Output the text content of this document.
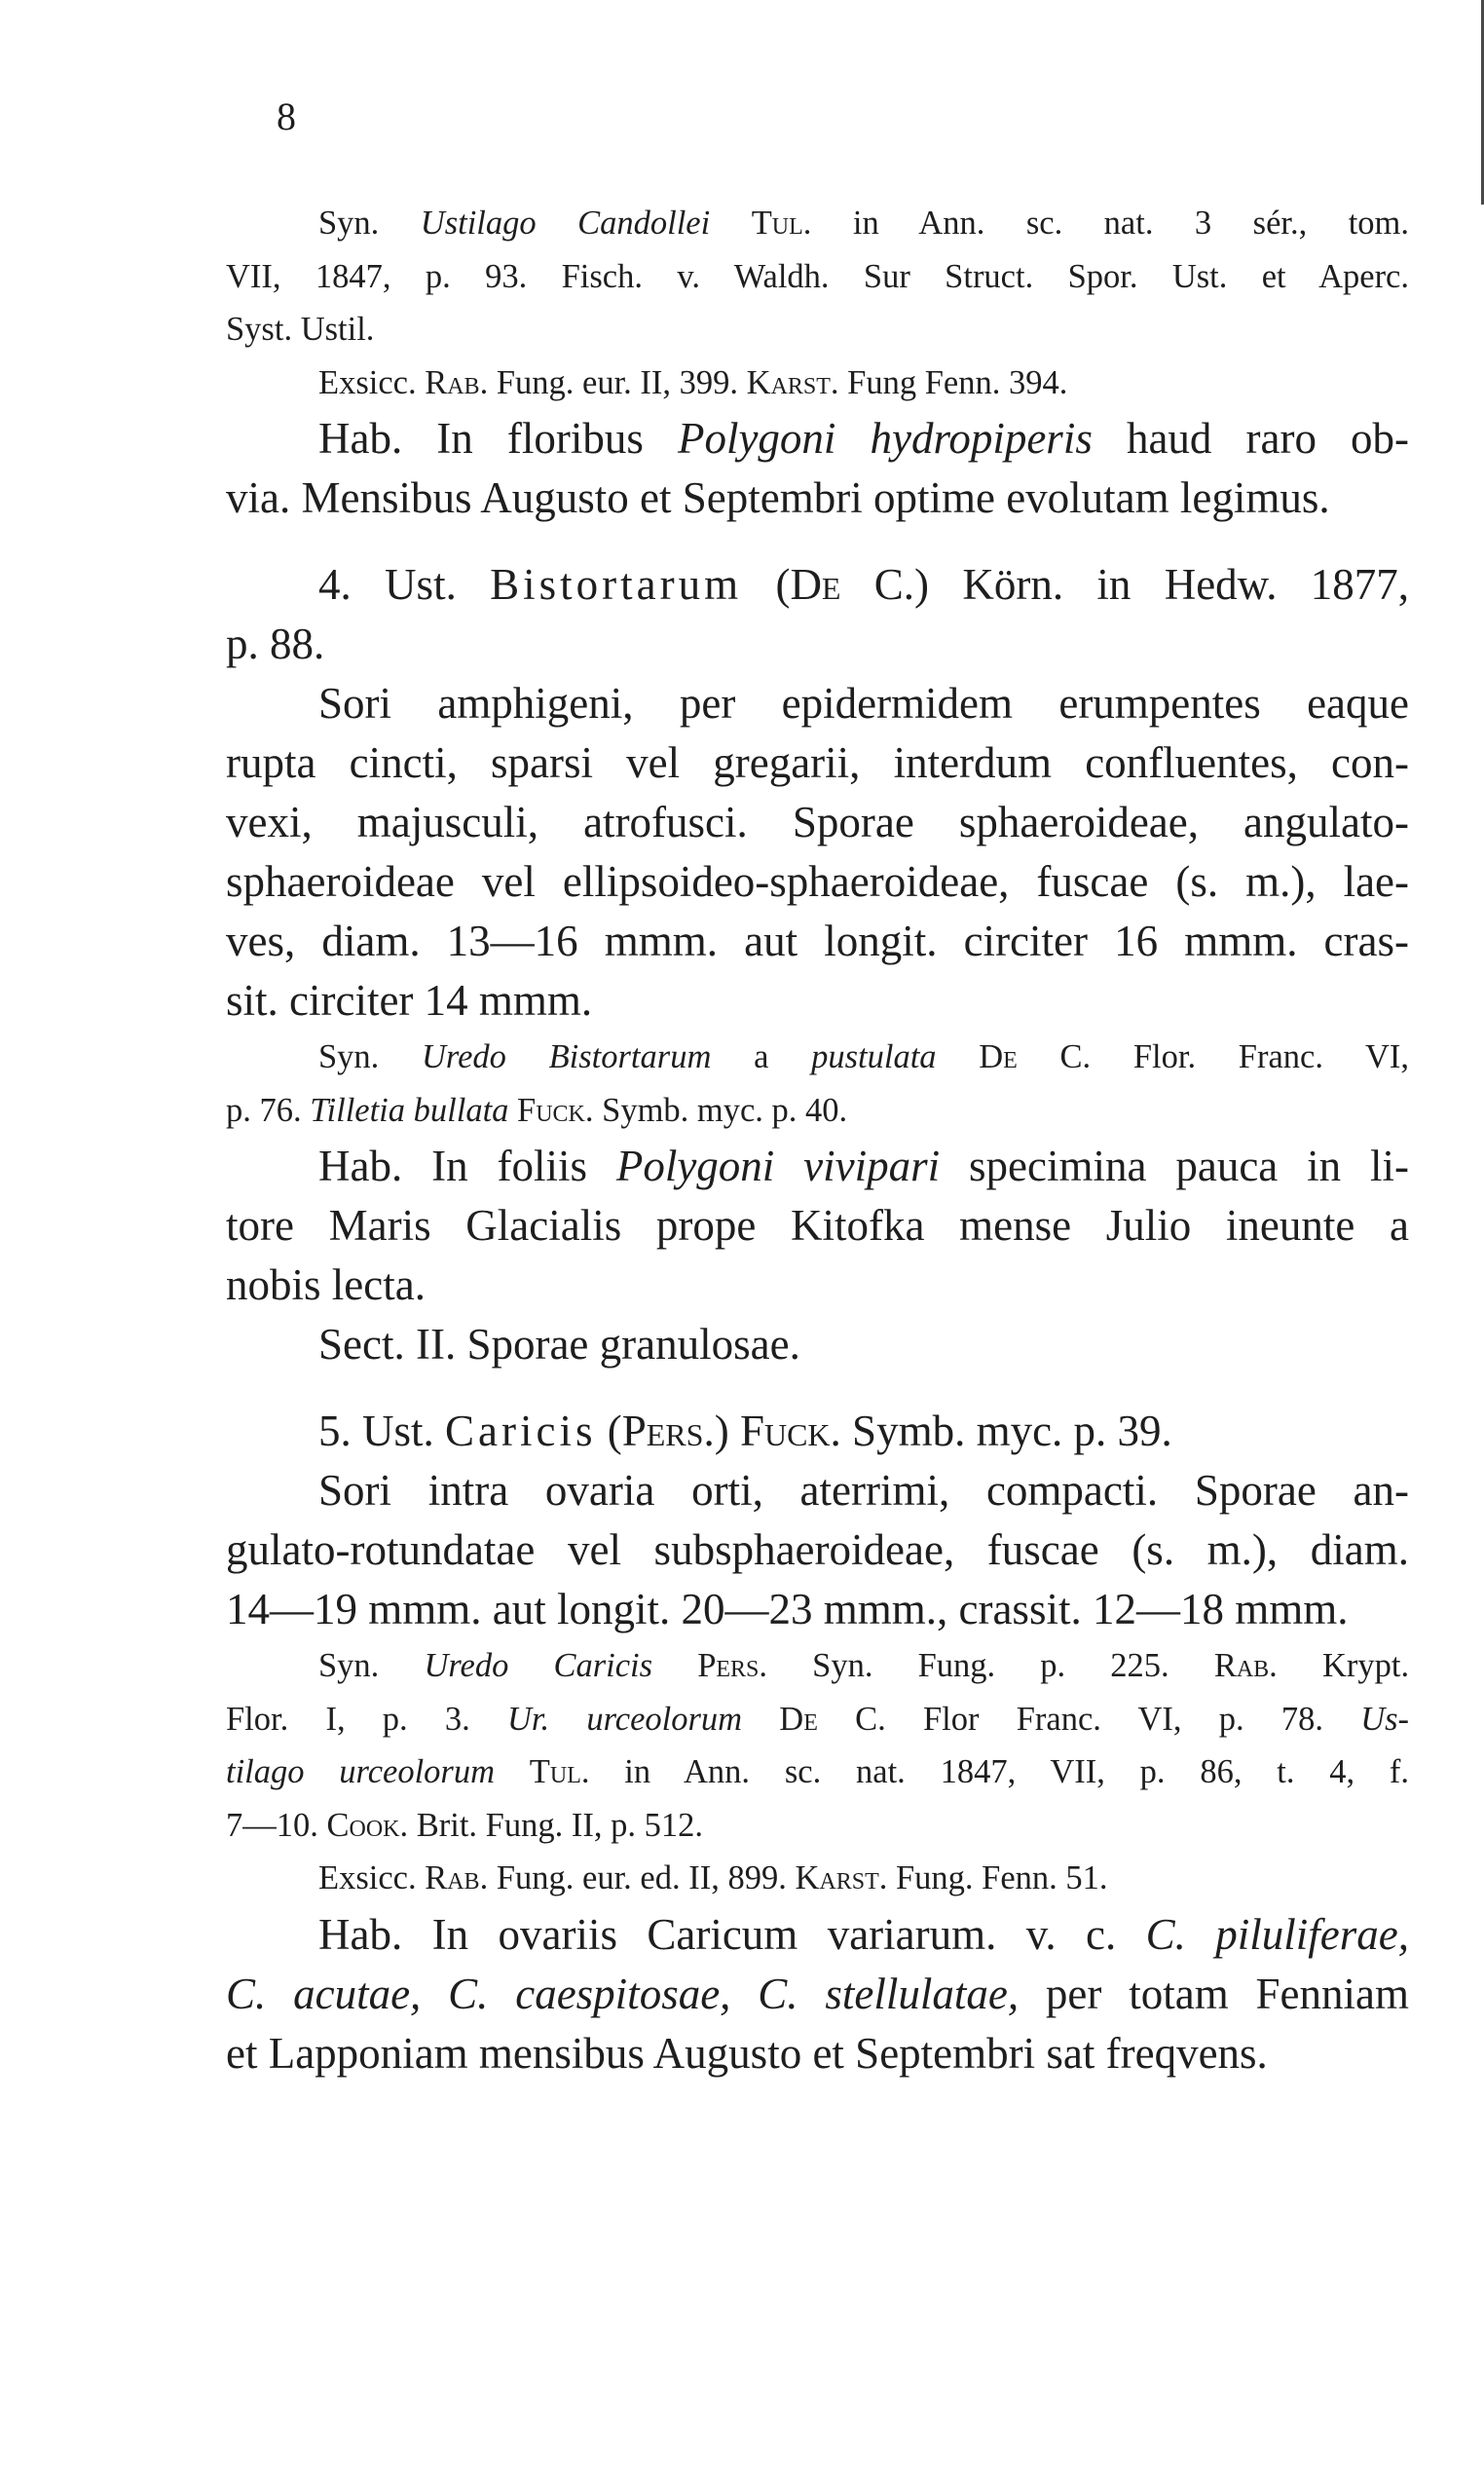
8

Syn. Ustilago Candollei Tul. in Ann. sc. nat. 3 sér., tom.

VII, 1847, p. 93. Fisch. v. Waldh. Sur Struct. Spor. Ust. et Aperc.

Syst. Ustil.

Exsicc. Rab. Fung. eur. II, 399. Karst. Fung Fenn. 394.

Hab. In floribus Polygoni hydropiperis haud raro ob-

via. Mensibus Augusto et Septembri optime evolutam legimus.

4. Ust. Bistortarum (De C.) Körn. in Hedw. 1877,

p. 88.

Sori amphigeni, per epidermidem erumpentes eaque

rupta cincti, sparsi vel gregarii, interdum confluentes, con-

vexi, majusculi, atrofusci. Sporae sphaeroideae, angulato-

sphaeroideae vel ellipsoideo-sphaeroideae, fuscae (s. m.), lae-

ves, diam. 13—16 mmm. aut longit. circiter 16 mmm. cras-

sit. circiter 14 mmm.

Syn. Uredo Bistortarum a pustulata De C. Flor. Franc. VI,

p. 76. Tilletia bullata Fuck. Symb. myc. p. 40.

Hab. In foliis Polygoni vivipari specimina pauca in li-

tore Maris Glacialis prope Kitofka mense Julio ineunte a

nobis lecta.

Sect. II. Sporae granulosae.

5. Ust. Caricis (Pers.) Fuck. Symb. myc. p. 39.

Sori intra ovaria orti, aterrimi, compacti. Sporae an-

gulato-rotundatae vel subsphaeroideae, fuscae (s. m.), diam.

14—19 mmm. aut longit. 20—23 mmm., crassit. 12—18 mmm.

Syn. Uredo Caricis Pers. Syn. Fung. p. 225. Rab. Krypt.

Flor. I, p. 3. Ur. urceolorum De C. Flor Franc. VI, p. 78. Us-

tilago urceolorum Tul. in Ann. sc. nat. 1847, VII, p. 86, t. 4, f.

7—10. Cook. Brit. Fung. II, p. 512.

Exsicc. Rab. Fung. eur. ed. II, 899. Karst. Fung. Fenn. 51.

Hab. In ovariis Caricum variarum. v. c. C. piluliferae,

C. acutae, C. caespitosae, C. stellulatae, per totam Fenniam

et Lapponiam mensibus Augusto et Septembri sat freqvens.
